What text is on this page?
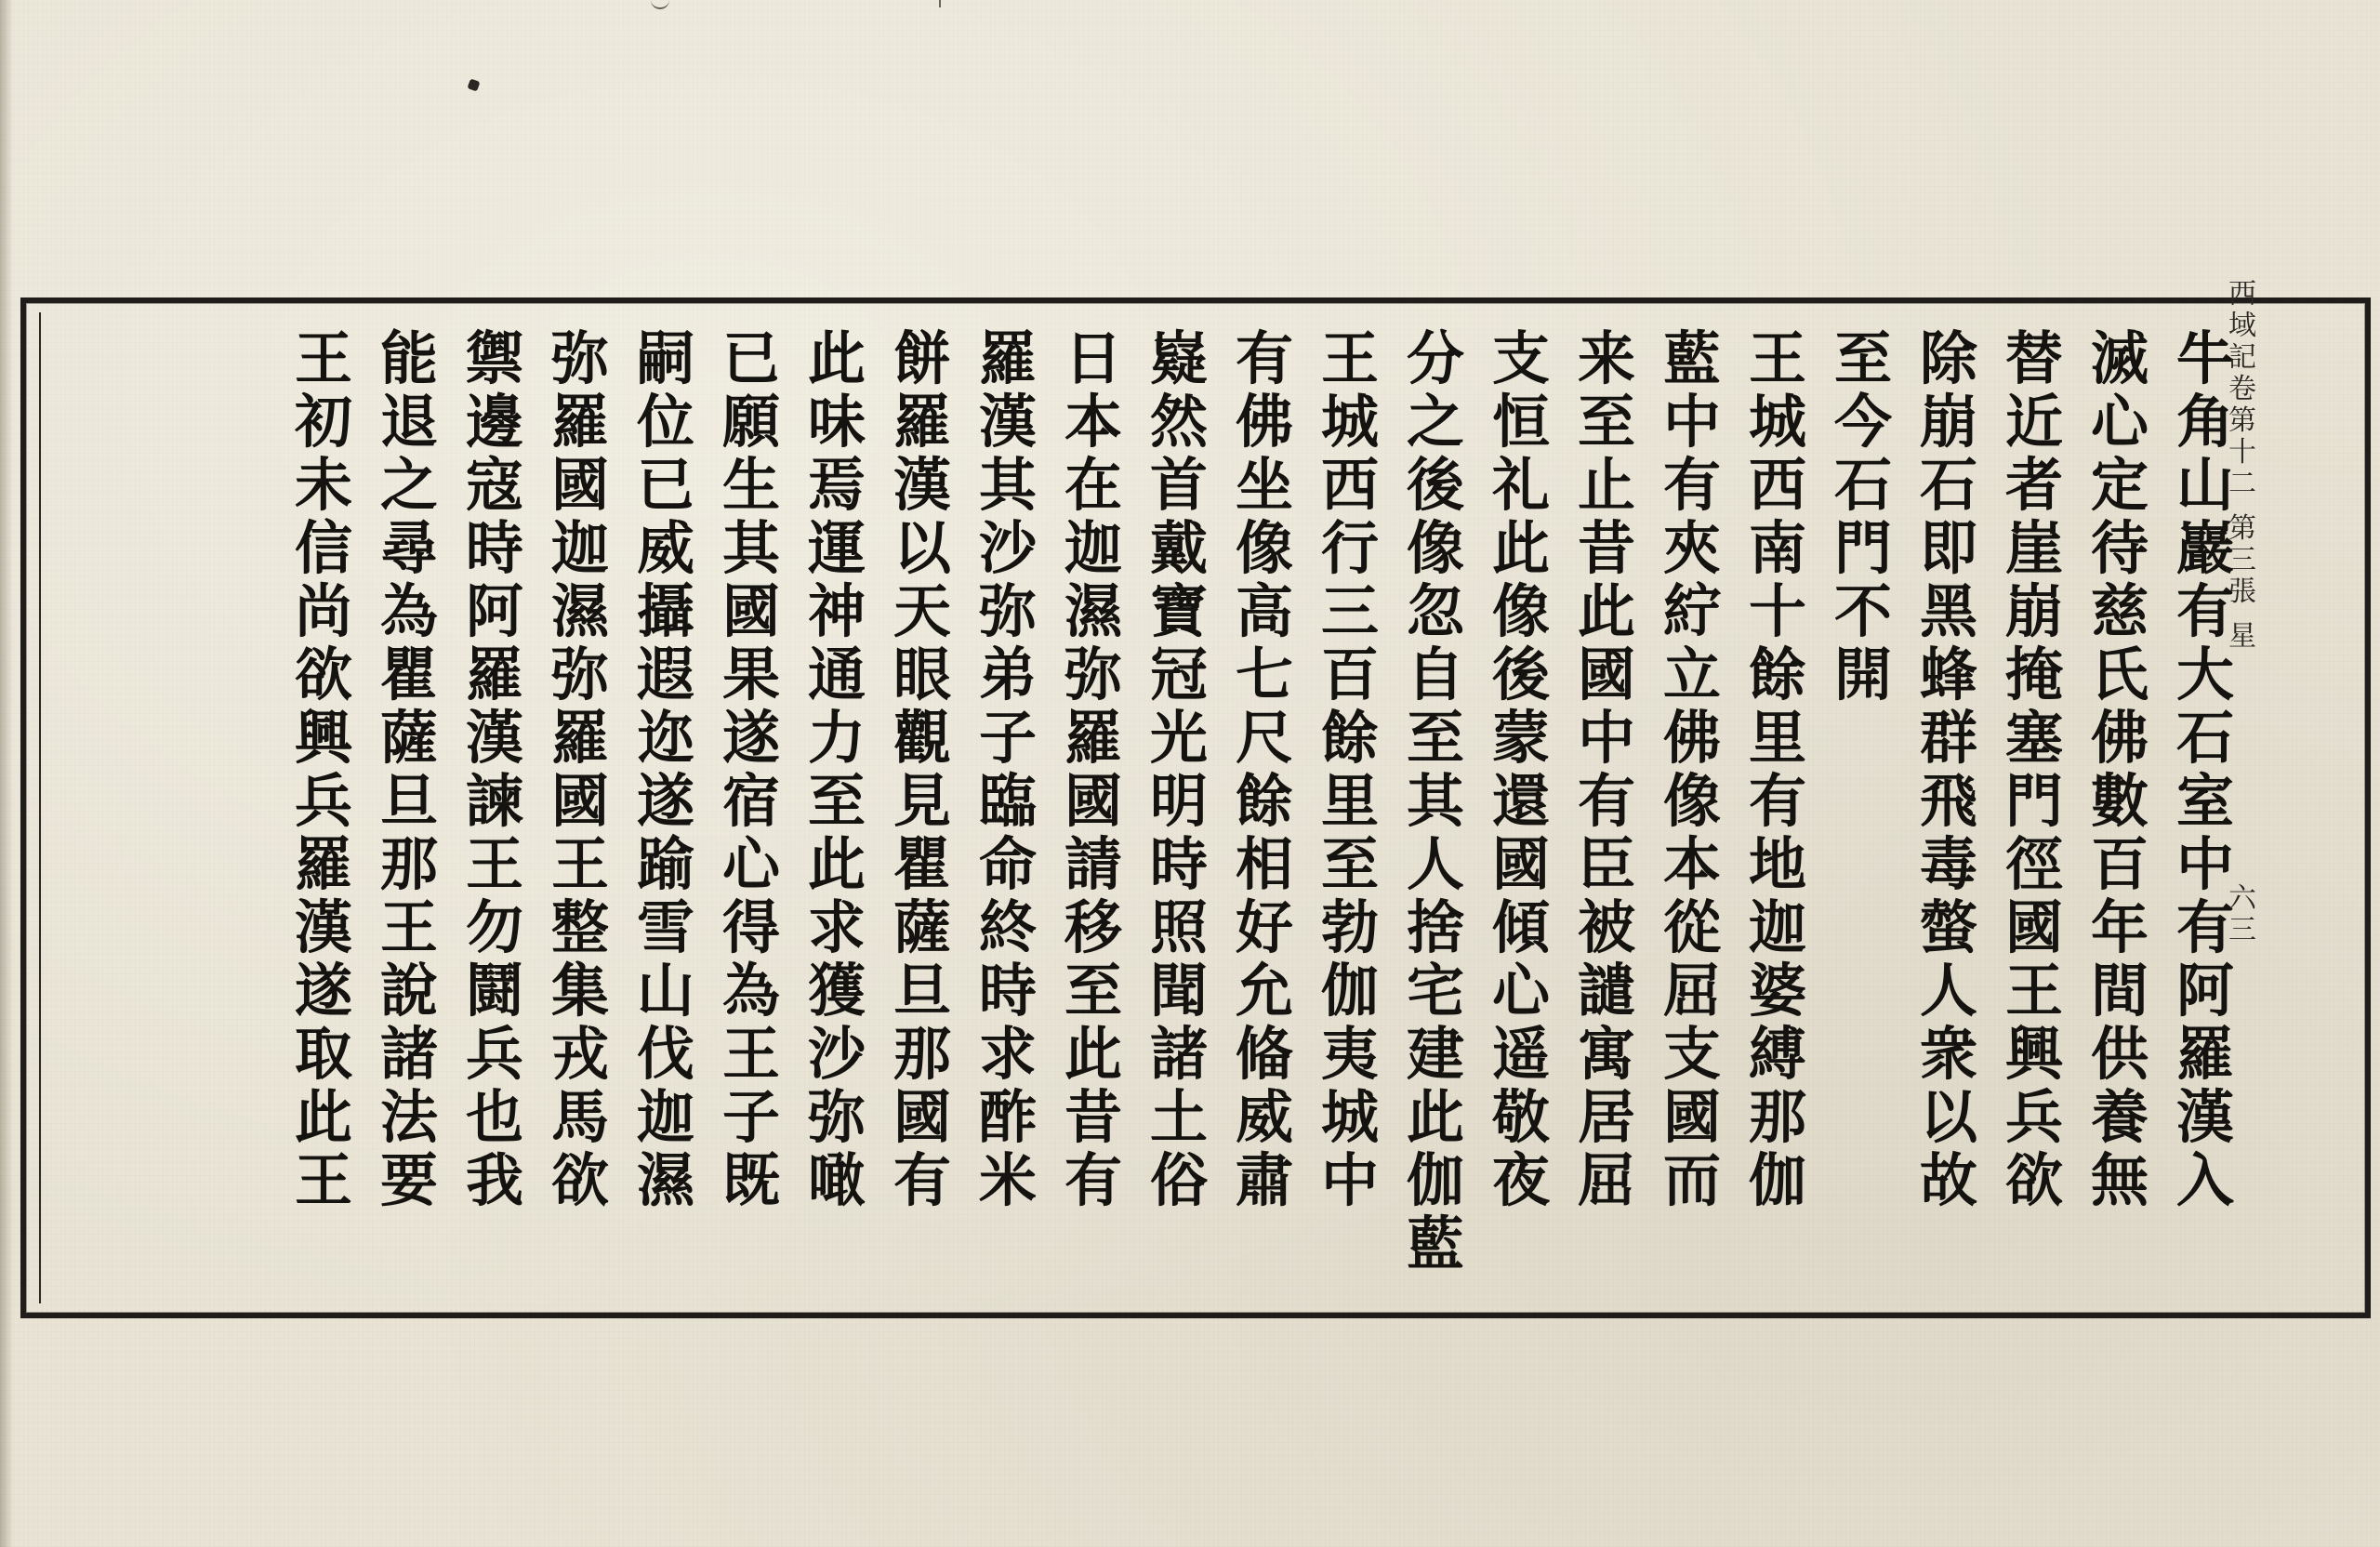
牛角山巖有大石室中有阿羅漢入
滅心定待慈氏佛數百年間供養無
替近者崖崩掩塞門徑國王興兵欲
除崩石即黑蜂群飛毒螫人衆以故
至今石門不開
王城西南十餘里有地迦婆縛那伽
藍中有夾紵立佛像本從屈支國而
来至止昔此國中有臣被譴寓居屈
支恒礼此像後蒙還國傾心遥敬夜
分之後像忽自至其人捨宅建此伽藍
王城西行三百餘里至勃伽夷城中
有佛坐像高七尺餘相好允偹威肅
嶷然首戴寶冠光明時照聞諸土俗
日本在迦濕弥羅國請移至此昔有
羅漢其沙弥弟子臨命終時求酢米
餅羅漢以天眼觀見瞿薩旦那國有
此味焉運神通力至此求獲沙弥噉
已願生其國果遂宿心得為王子既
嗣位已威攝遐迩遂踰雪山伐迦濕
弥羅國迦濕弥羅國王整集戎馬欲
禦邊寇時阿羅漢諫王勿鬪兵也我
能退之尋為瞿薩旦那王說諸法要
王初未信尚欲興兵羅漢遂取此王
西域記卷第十二
第三張
星
六三
